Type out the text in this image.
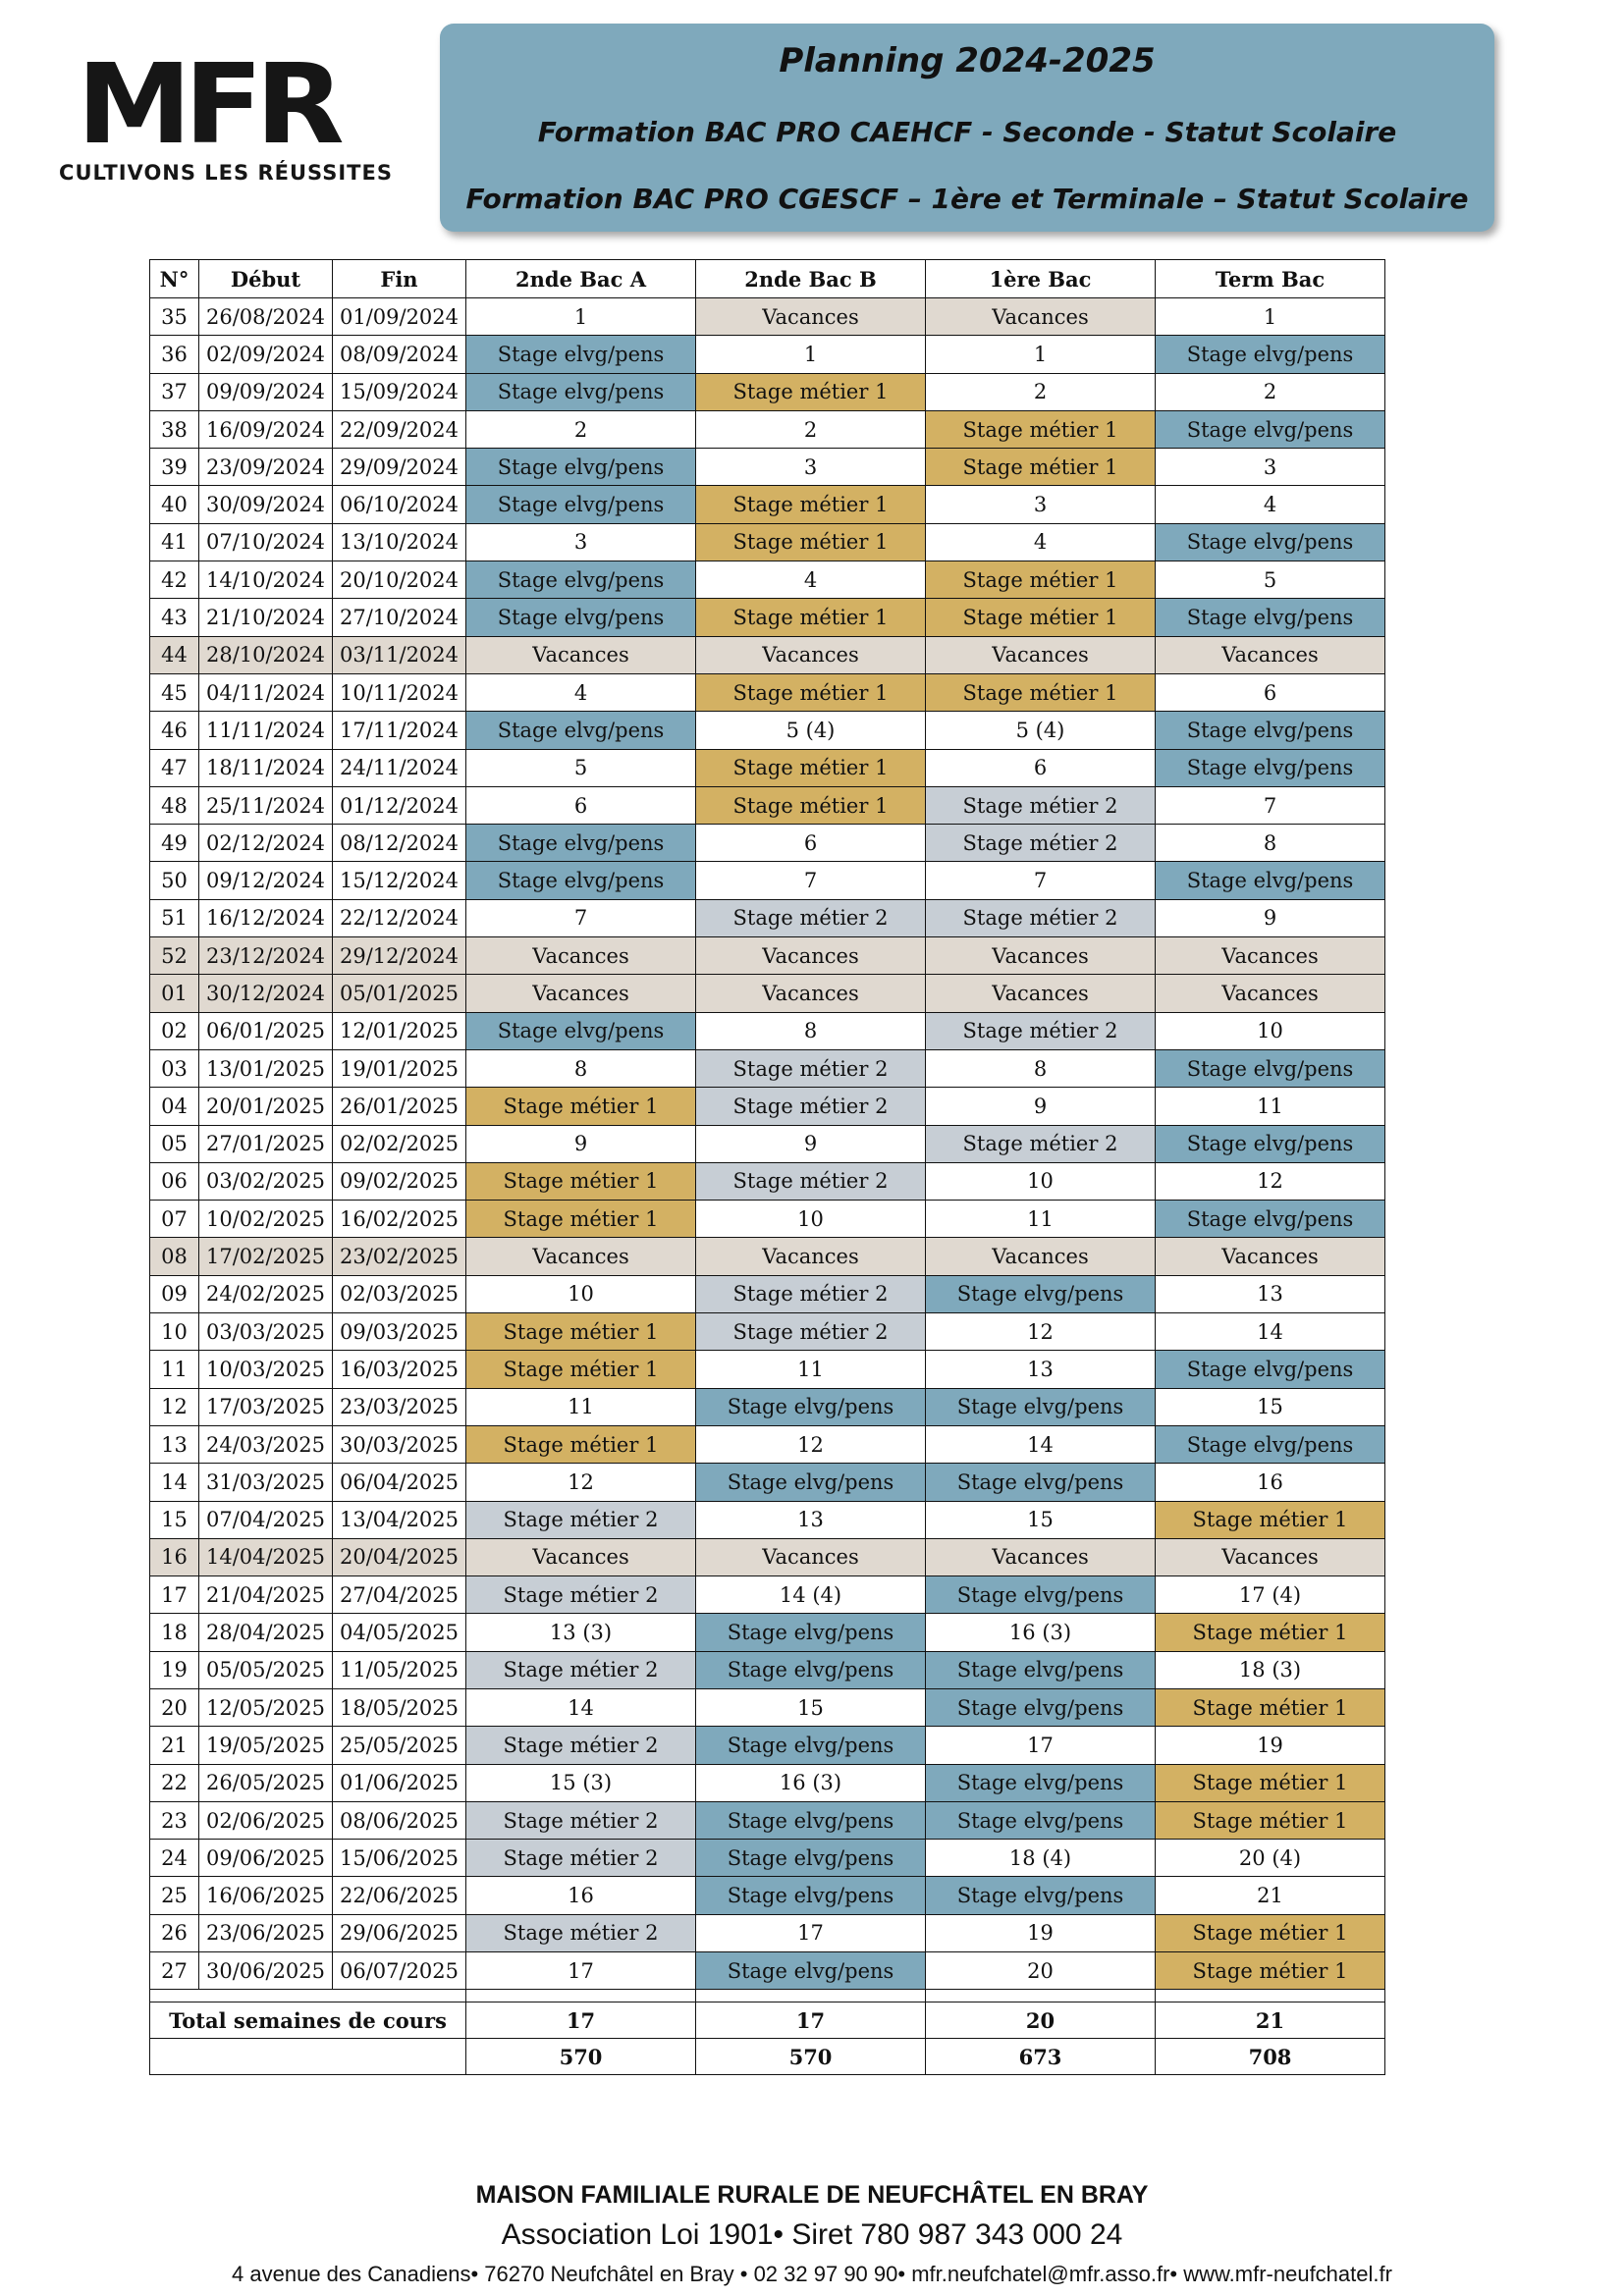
MFR
CULTIVONS LES RÉUSSITES
Planning 2024-2025
Formation BAC PRO CAEHCF - Seconde - Statut Scolaire
Formation BAC PRO CGESCF – 1ère et Terminale – Statut Scolaire
N°	Début	Fin	2nde Bac A	2nde Bac B	1ère Bac	Term Bac
35	26/08/2024	01/09/2024	1	Vacances	Vacances	1
36	02/09/2024	08/09/2024	Stage elvg/pens	1	1	Stage elvg/pens
37	09/09/2024	15/09/2024	Stage elvg/pens	Stage métier 1	2	2
38	16/09/2024	22/09/2024	2	2	Stage métier 1	Stage elvg/pens
39	23/09/2024	29/09/2024	Stage elvg/pens	3	Stage métier 1	3
40	30/09/2024	06/10/2024	Stage elvg/pens	Stage métier 1	3	4
41	07/10/2024	13/10/2024	3	Stage métier 1	4	Stage elvg/pens
42	14/10/2024	20/10/2024	Stage elvg/pens	4	Stage métier 1	5
43	21/10/2024	27/10/2024	Stage elvg/pens	Stage métier 1	Stage métier 1	Stage elvg/pens
44	28/10/2024	03/11/2024	Vacances	Vacances	Vacances	Vacances
45	04/11/2024	10/11/2024	4	Stage métier 1	Stage métier 1	6
46	11/11/2024	17/11/2024	Stage elvg/pens	5 (4)	5 (4)	Stage elvg/pens
47	18/11/2024	24/11/2024	5	Stage métier 1	6	Stage elvg/pens
48	25/11/2024	01/12/2024	6	Stage métier 1	Stage métier 2	7
49	02/12/2024	08/12/2024	Stage elvg/pens	6	Stage métier 2	8
50	09/12/2024	15/12/2024	Stage elvg/pens	7	7	Stage elvg/pens
51	16/12/2024	22/12/2024	7	Stage métier 2	Stage métier 2	9
52	23/12/2024	29/12/2024	Vacances	Vacances	Vacances	Vacances
01	30/12/2024	05/01/2025	Vacances	Vacances	Vacances	Vacances
02	06/01/2025	12/01/2025	Stage elvg/pens	8	Stage métier 2	10
03	13/01/2025	19/01/2025	8	Stage métier 2	8	Stage elvg/pens
04	20/01/2025	26/01/2025	Stage métier 1	Stage métier 2	9	11
05	27/01/2025	02/02/2025	9	9	Stage métier 2	Stage elvg/pens
06	03/02/2025	09/02/2025	Stage métier 1	Stage métier 2	10	12
07	10/02/2025	16/02/2025	Stage métier 1	10	11	Stage elvg/pens
08	17/02/2025	23/02/2025	Vacances	Vacances	Vacances	Vacances
09	24/02/2025	02/03/2025	10	Stage métier 2	Stage elvg/pens	13
10	03/03/2025	09/03/2025	Stage métier 1	Stage métier 2	12	14
11	10/03/2025	16/03/2025	Stage métier 1	11	13	Stage elvg/pens
12	17/03/2025	23/03/2025	11	Stage elvg/pens	Stage elvg/pens	15
13	24/03/2025	30/03/2025	Stage métier 1	12	14	Stage elvg/pens
14	31/03/2025	06/04/2025	12	Stage elvg/pens	Stage elvg/pens	16
15	07/04/2025	13/04/2025	Stage métier 2	13	15	Stage métier 1
16	14/04/2025	20/04/2025	Vacances	Vacances	Vacances	Vacances
17	21/04/2025	27/04/2025	Stage métier 2	14 (4)	Stage elvg/pens	17 (4)
18	28/04/2025	04/05/2025	13 (3)	Stage elvg/pens	16 (3)	Stage métier 1
19	05/05/2025	11/05/2025	Stage métier 2	Stage elvg/pens	Stage elvg/pens	18 (3)
20	12/05/2025	18/05/2025	14	15	Stage elvg/pens	Stage métier 1
21	19/05/2025	25/05/2025	Stage métier 2	Stage elvg/pens	17	19
22	26/05/2025	01/06/2025	15 (3)	16 (3)	Stage elvg/pens	Stage métier 1
23	02/06/2025	08/06/2025	Stage métier 2	Stage elvg/pens	Stage elvg/pens	Stage métier 1
24	09/06/2025	15/06/2025	Stage métier 2	Stage elvg/pens	18 (4)	20 (4)
25	16/06/2025	22/06/2025	16	Stage elvg/pens	Stage elvg/pens	21
26	23/06/2025	29/06/2025	Stage métier 2	17	19	Stage métier 1
27	30/06/2025	06/07/2025	17	Stage elvg/pens	20	Stage métier 1

Total semaines de cours			17	17	20	21
			570	570	673	708
MAISON FAMILIALE RURALE DE NEUFCHÂTEL EN BRAY
Association Loi 1901• Siret 780 987 343 000 24
4 avenue des Canadiens• 76270 Neufchâtel en Bray • 02 32 97 90 90• mfr.neufchatel@mfr.asso.fr• www.mfr-neufchatel.fr
